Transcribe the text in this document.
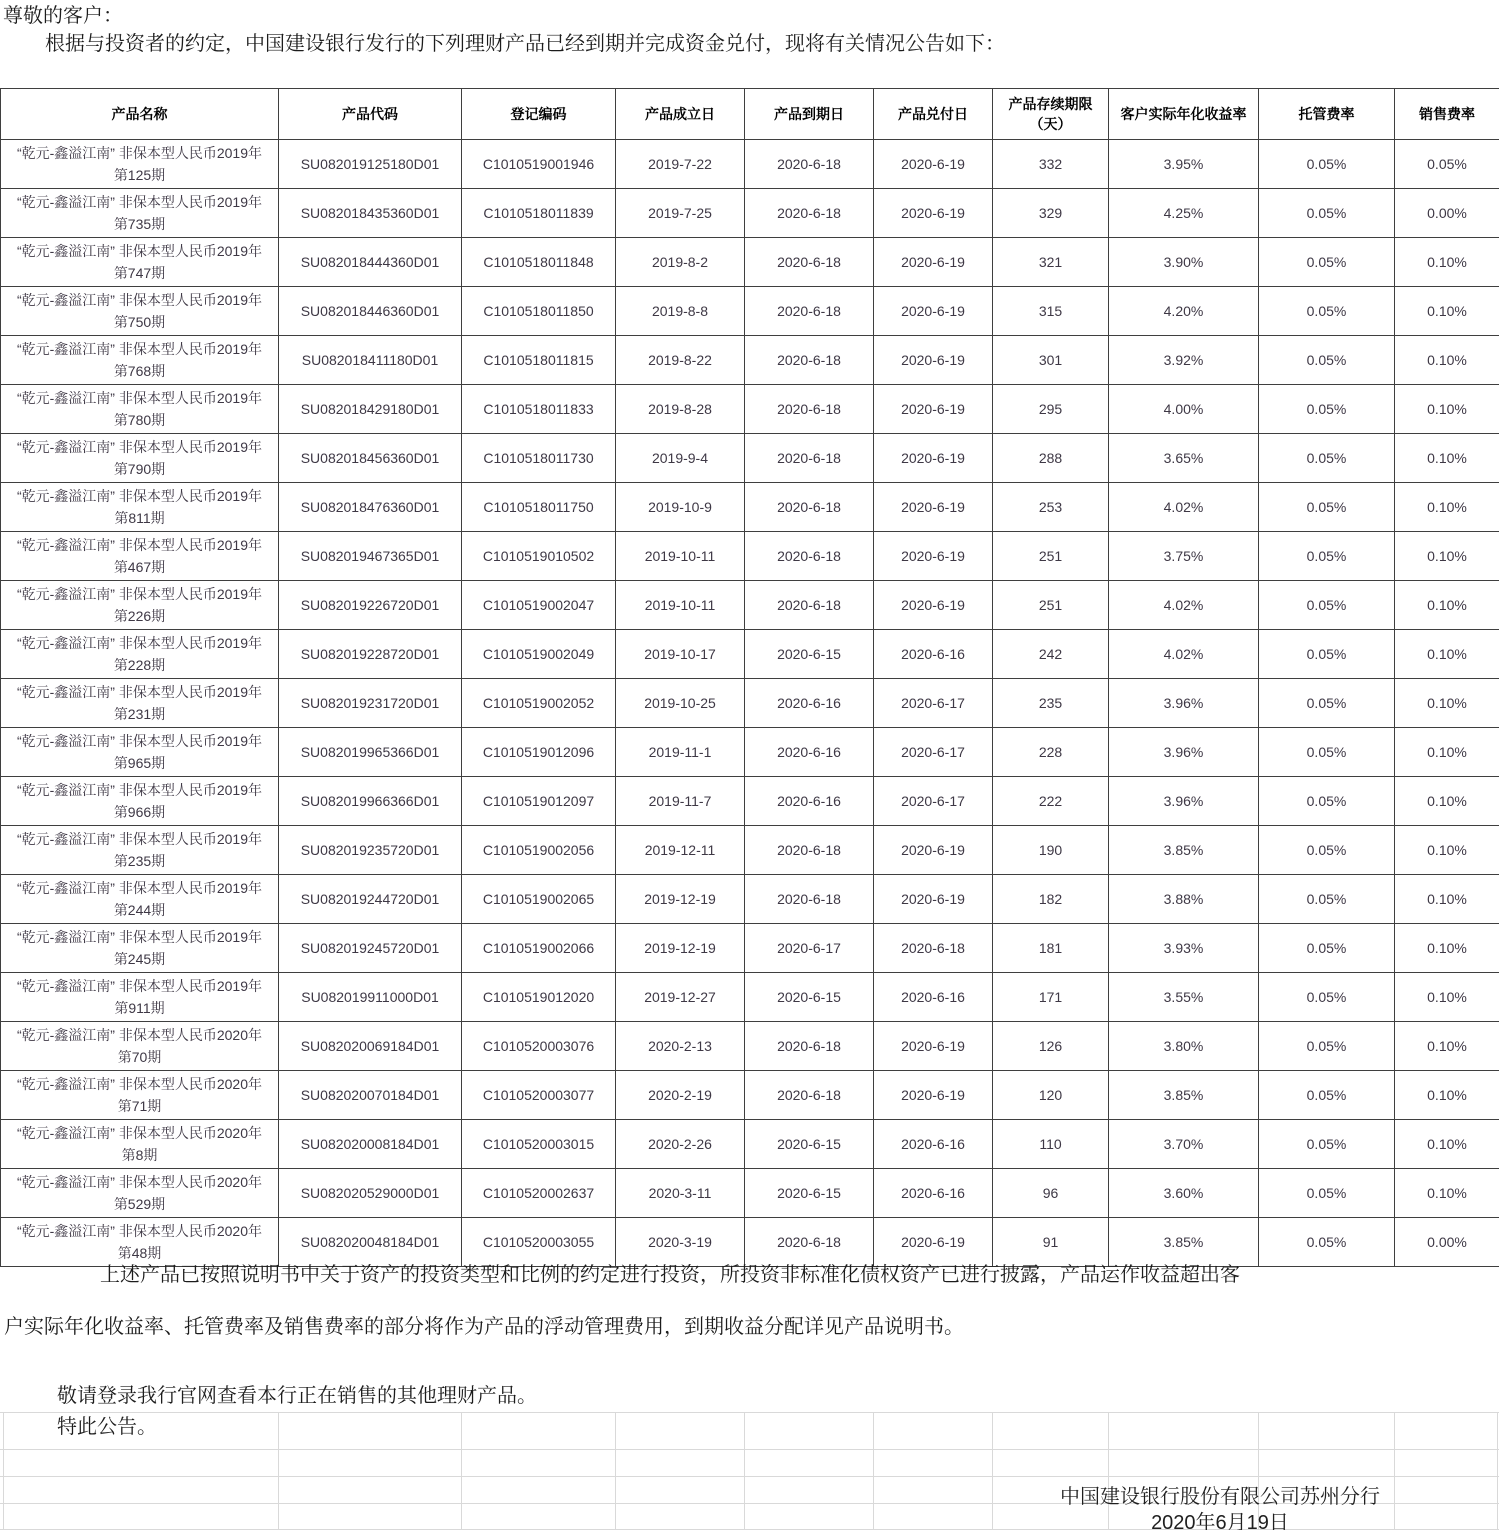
尊敬的客户：
根据与投资者的约定，中国建设银行发行的下列理财产品已经到期并完成资金兑付，现将有关情况公告如下：
产品名称	产品代码	登记编码	产品成立日	产品到期日	产品兑付日	产品存续期限（天）	客户实际年化收益率	托管费率	销售费率
“乾元-鑫溢江南” 非保本型人民币2019年第125期	SU082019125180D01	C1010519001946	2019-7-22	2020-6-18	2020-6-19	332	3.95%	0.05%	0.05%
“乾元-鑫溢江南” 非保本型人民币2019年第735期	SU082018435360D01	C1010518011839	2019-7-25	2020-6-18	2020-6-19	329	4.25%	0.05%	0.00%
“乾元-鑫溢江南” 非保本型人民币2019年第747期	SU082018444360D01	C1010518011848	2019-8-2	2020-6-18	2020-6-19	321	3.90%	0.05%	0.10%
“乾元-鑫溢江南” 非保本型人民币2019年第750期	SU082018446360D01	C1010518011850	2019-8-8	2020-6-18	2020-6-19	315	4.20%	0.05%	0.10%
“乾元-鑫溢江南” 非保本型人民币2019年第768期	SU082018411180D01	C1010518011815	2019-8-22	2020-6-18	2020-6-19	301	3.92%	0.05%	0.10%
“乾元-鑫溢江南” 非保本型人民币2019年第780期	SU082018429180D01	C1010518011833	2019-8-28	2020-6-18	2020-6-19	295	4.00%	0.05%	0.10%
“乾元-鑫溢江南” 非保本型人民币2019年第790期	SU082018456360D01	C1010518011730	2019-9-4	2020-6-18	2020-6-19	288	3.65%	0.05%	0.10%
“乾元-鑫溢江南” 非保本型人民币2019年第811期	SU082018476360D01	C1010518011750	2019-10-9	2020-6-18	2020-6-19	253	4.02%	0.05%	0.10%
“乾元-鑫溢江南” 非保本型人民币2019年第467期	SU082019467365D01	C1010519010502	2019-10-11	2020-6-18	2020-6-19	251	3.75%	0.05%	0.10%
“乾元-鑫溢江南” 非保本型人民币2019年第226期	SU082019226720D01	C1010519002047	2019-10-11	2020-6-18	2020-6-19	251	4.02%	0.05%	0.10%
“乾元-鑫溢江南” 非保本型人民币2019年第228期	SU082019228720D01	C1010519002049	2019-10-17	2020-6-15	2020-6-16	242	4.02%	0.05%	0.10%
“乾元-鑫溢江南” 非保本型人民币2019年第231期	SU082019231720D01	C1010519002052	2019-10-25	2020-6-16	2020-6-17	235	3.96%	0.05%	0.10%
“乾元-鑫溢江南” 非保本型人民币2019年第965期	SU082019965366D01	C1010519012096	2019-11-1	2020-6-16	2020-6-17	228	3.96%	0.05%	0.10%
“乾元-鑫溢江南” 非保本型人民币2019年第966期	SU082019966366D01	C1010519012097	2019-11-7	2020-6-16	2020-6-17	222	3.96%	0.05%	0.10%
“乾元-鑫溢江南” 非保本型人民币2019年第235期	SU082019235720D01	C1010519002056	2019-12-11	2020-6-18	2020-6-19	190	3.85%	0.05%	0.10%
“乾元-鑫溢江南” 非保本型人民币2019年第244期	SU082019244720D01	C1010519002065	2019-12-19	2020-6-18	2020-6-19	182	3.88%	0.05%	0.10%
“乾元-鑫溢江南” 非保本型人民币2019年第245期	SU082019245720D01	C1010519002066	2019-12-19	2020-6-17	2020-6-18	181	3.93%	0.05%	0.10%
“乾元-鑫溢江南” 非保本型人民币2019年第911期	SU082019911000D01	C1010519012020	2019-12-27	2020-6-15	2020-6-16	171	3.55%	0.05%	0.10%
“乾元-鑫溢江南” 非保本型人民币2020年第70期	SU082020069184D01	C1010520003076	2020-2-13	2020-6-18	2020-6-19	126	3.80%	0.05%	0.10%
“乾元-鑫溢江南” 非保本型人民币2020年第71期	SU082020070184D01	C1010520003077	2020-2-19	2020-6-18	2020-6-19	120	3.85%	0.05%	0.10%
“乾元-鑫溢江南” 非保本型人民币2020年第8期	SU082020008184D01	C1010520003015	2020-2-26	2020-6-15	2020-6-16	110	3.70%	0.05%	0.10%
“乾元-鑫溢江南” 非保本型人民币2020年第529期	SU082020529000D01	C1010520002637	2020-3-11	2020-6-15	2020-6-16	96	3.60%	0.05%	0.10%
“乾元-鑫溢江南” 非保本型人民币2020年第48期	SU082020048184D01	C1010520003055	2020-3-19	2020-6-18	2020-6-19	91	3.85%	0.05%	0.00%
上述产品已按照说明书中关于资产的投资类型和比例的约定进行投资，所投资非标准化债权资产已进行披露，产品运作收益超出客
户实际年化收益率、托管费率及销售费率的部分将作为产品的浮动管理费用，到期收益分配详见产品说明书。
敬请登录我行官网查看本行正在销售的其他理财产品。
特此公告。
中国建设银行股份有限公司苏州分行
2020年6月19日
